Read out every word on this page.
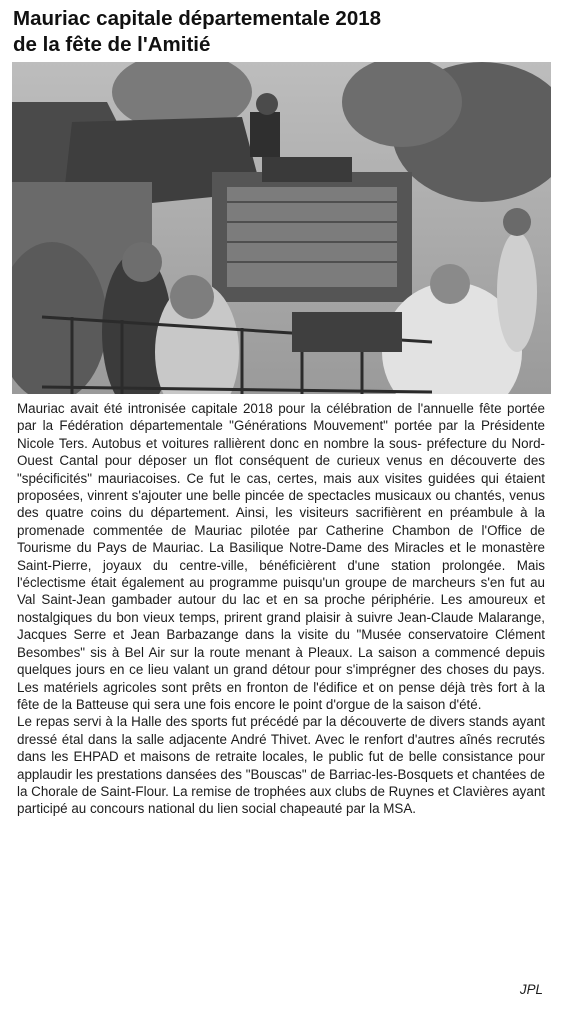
Mauriac capitale départementale 2018
de la fête de l'Amitié

Mauriac avait été intronisée capitale 2018 pour la célébration de l'annuelle fête portée par la Fédération départementale "Générations Mouvement" portée par la Présidente Nicole Ters. Autobus et voitures rallièrent donc en nombre la sous- préfecture du Nord-Ouest Cantal pour déposer un flot conséquent de curieux venus en découverte des "spécificités" mauriacoises. Ce fut le cas, certes, mais aux visites guidées qui étaient proposées, vinrent s'ajouter une belle pincée de spectacles musicaux ou chantés, venus des quatre coins du département. Ainsi, les visiteurs sacrifièrent en préambule à la promenade commentée de Mauriac pilotée par Catherine Chambon de l'Office de Tourisme du Pays de Mauriac. La Basilique Notre-Dame des Miracles et le monastère Saint-Pierre, joyaux du centre-ville, bénéficièrent d'une station prolongée. Mais l'éclectisme était également au programme puisqu'un groupe de marcheurs s'en fut au Val Saint-Jean gambader autour du lac et en sa proche périphérie. Les amoureux et nostalgiques du bon vieux temps, prirent grand plaisir à suivre Jean-Claude Malarange, Jacques Serre et Jean Barbazange dans la visite du "Musée conservatoire Clément Besombes" sis à Bel Air sur la route menant à Pleaux. La saison a commencé depuis quelques jours en ce lieu valant un grand détour pour s'imprégner des choses du pays. Les matériels agricoles sont prêts en fronton de l'édifice et on pense déjà très fort à la fête de la Batteuse qui sera une fois encore le point d'orgue de la saison d'été.

Le repas servi à la Halle des sports fut précédé par la découverte de divers stands ayant dressé étal dans la salle adjacente André Thivet. Avec le renfort d'autres aînés recrutés dans les EHPAD et maisons de retraite locales, le public fut de belle consistance pour applaudir les prestations dansées des "Bouscas" de Barriac-les-Bosquets et chantées de la Chorale de Saint-Flour. La remise de trophées aux clubs de Ruynes et Clavières ayant participé au concours national du lien social chapeauté par la MSA.

JPL
